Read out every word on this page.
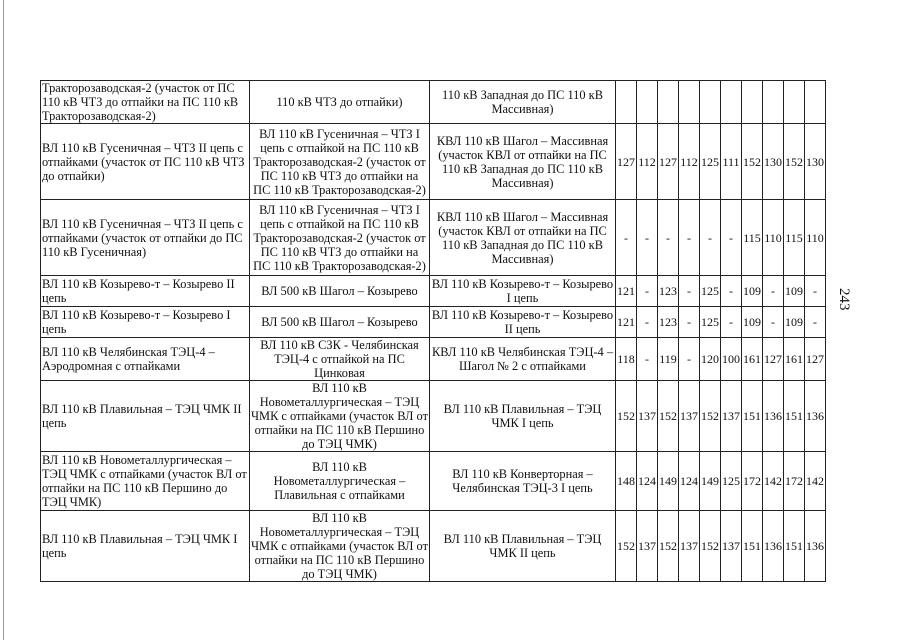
243
Тракторозаводская-2 (участок от ПС 110 кВ ЧТЗ до отпайки на ПС 110 кВ Тракторозаводская-2)	110 кВ ЧТЗ до отпайки)	110 кВ Западная до ПС 110 кВ Массивная)										
ВЛ 110 кВ Гусеничная – ЧТЗ II цепь с отпайками (участок от ПС 110 кВ ЧТЗ до отпайки)	ВЛ 110 кВ Гусеничная – ЧТЗ I цепь с отпайкой на ПС 110 кВ Тракторозаводская-2 (участок от ПС 110 кВ ЧТЗ до отпайки на ПС 110 кВ Тракторозаводская-2)	КВЛ 110 кВ Шагол – Массивная (участок КВЛ от отпайки на ПС 110 кВ Западная до ПС 110 кВ Массивная)	127	112	127	112	125	111	152	130	152	130
ВЛ 110 кВ Гусеничная – ЧТЗ II цепь с отпайками (участок от отпайки до ПС 110 кВ Гусеничная)	ВЛ 110 кВ Гусеничная – ЧТЗ I цепь с отпайкой на ПС 110 кВ Тракторозаводская-2 (участок от ПС 110 кВ ЧТЗ до отпайки на ПС 110 кВ Тракторозаводская-2)	КВЛ 110 кВ Шагол – Массивная (участок КВЛ от отпайки на ПС 110 кВ Западная до ПС 110 кВ Массивная)	-	-	-	-	-	-	115	110	115	110
ВЛ 110 кВ Козырево-т – Козырево II цепь	ВЛ 500 кВ Шагол – Козырево	ВЛ 110 кВ Козырево-т – Козырево I цепь	121	-	123	-	125	-	109	-	109	-
ВЛ 110 кВ Козырево-т – Козырево I цепь	ВЛ 500 кВ Шагол – Козырево	ВЛ 110 кВ Козырево-т – Козырево II цепь	121	-	123	-	125	-	109	-	109	-
ВЛ 110 кВ Челябинская ТЭЦ-4 – Аэродромная с отпайками	ВЛ 110 кВ СЗК - Челябинская ТЭЦ-4 с отпайкой на ПС Цинковая	КВЛ 110 кВ Челябинская ТЭЦ-4 – Шагол № 2 с отпайками	118	-	119	-	120	100	161	127	161	127
ВЛ 110 кВ Плавильная – ТЭЦ ЧМК II цепь	ВЛ 110 кВ Новометаллургическая – ТЭЦ ЧМК с отпайками (участок ВЛ от отпайки на ПС 110 кВ Першино до ТЭЦ ЧМК)	ВЛ 110 кВ Плавильная – ТЭЦ ЧМК I цепь	152	137	152	137	152	137	151	136	151	136
ВЛ 110 кВ Новометаллургическая – ТЭЦ ЧМК с отпайками (участок ВЛ от отпайки на ПС 110 кВ Першино до ТЭЦ ЧМК)	ВЛ 110 кВ Новометаллургическая – Плавильная с отпайками	ВЛ 110 кВ Конверторная – Челябинская ТЭЦ-3 I цепь	148	124	149	124	149	125	172	142	172	142
ВЛ 110 кВ Плавильная – ТЭЦ ЧМК I цепь	ВЛ 110 кВ Новометаллургическая – ТЭЦ ЧМК с отпайками (участок ВЛ от отпайки на ПС 110 кВ Першино до ТЭЦ ЧМК)	ВЛ 110 кВ Плавильная – ТЭЦ ЧМК II цепь	152	137	152	137	152	137	151	136	151	136
